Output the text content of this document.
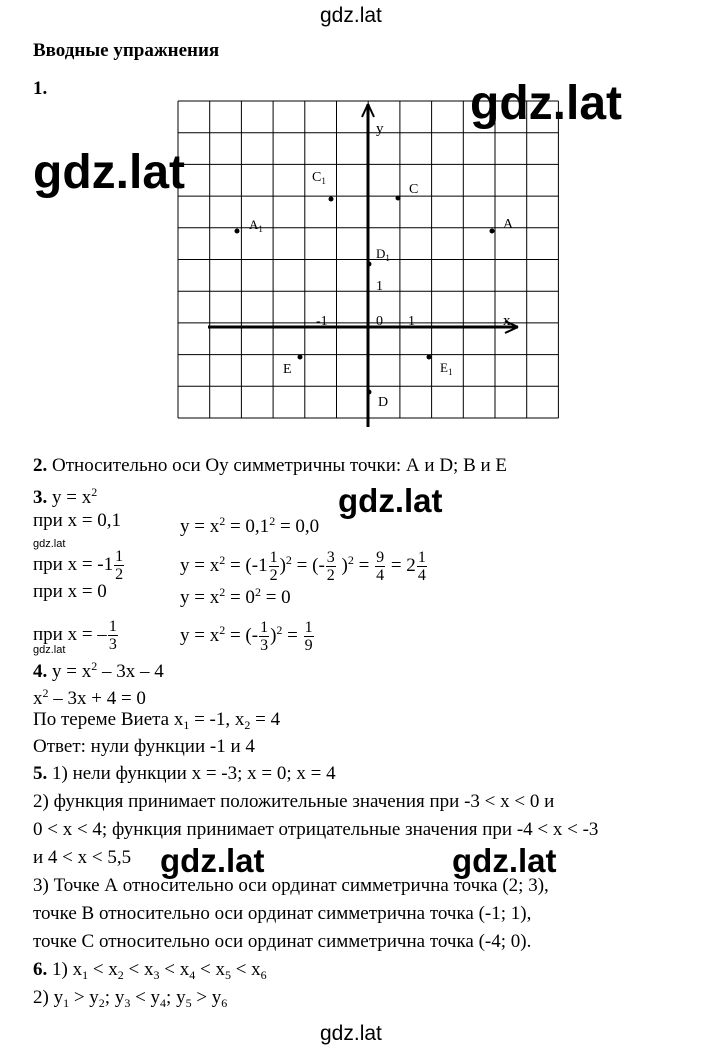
gdz.lat
gdz.lat
gdz.lat
Вводные упражнения
1.
y
x
0 1
-1
1
A
$A_1$
C
$C_1$
$D_1$
D
E	$E_1$
2. Относительно оси Оу симметричны точки: А и D; В и Е
3. $y = x^2$
при x = 0,1	$y = x^2 = 0,1^2 = 0,0$
gdz.lat
gdz.lat
при $x = -1 \frac{1}{2}$	$y = x^2 = (-1 \frac{1}{2} )^2$ = (- $\frac{3}{2} )^2 = \frac{9}{4} = 2 \frac{1}{4}$
при x = 0	$y = x^2 = 0^2 = 0$
при x = – $\frac{1}{3}$	$y = x^2$ = (- $\frac{1}{3} )^2 = \frac{1}{9}$
gdz.lat
4. $y = x^2 - 3x - 4$
$x^2 - 3x + 4 = 0$
По тереме Виета $x_1 = -1$, $x_2 = 4$
Ответ: нули функции -1 и 4
5. 1) нели функции x = -3; x = 0; x = 4
2) функция принимает положительные значения при -3 < x < 0 и
0 < x < 4; функция принимает отрицательные значения при -4 < x < -3
и 4 < x < 5,5 gdz.lat	gdz.lat
3) Точке А относительно оси ординат симметрична точка (2; 3),
точке В относительно оси ординат симметрична точка (-1; 1),
точке С относительно оси ординат симметрична точка (-4; 0).
6. 1) $x_1 < x_2 < x_3 < x_4 < x_5 < x_6$
2) $y_1 > y_2$; $y_3 < y_4$; $y_5 > y_6$
gdz.lat
